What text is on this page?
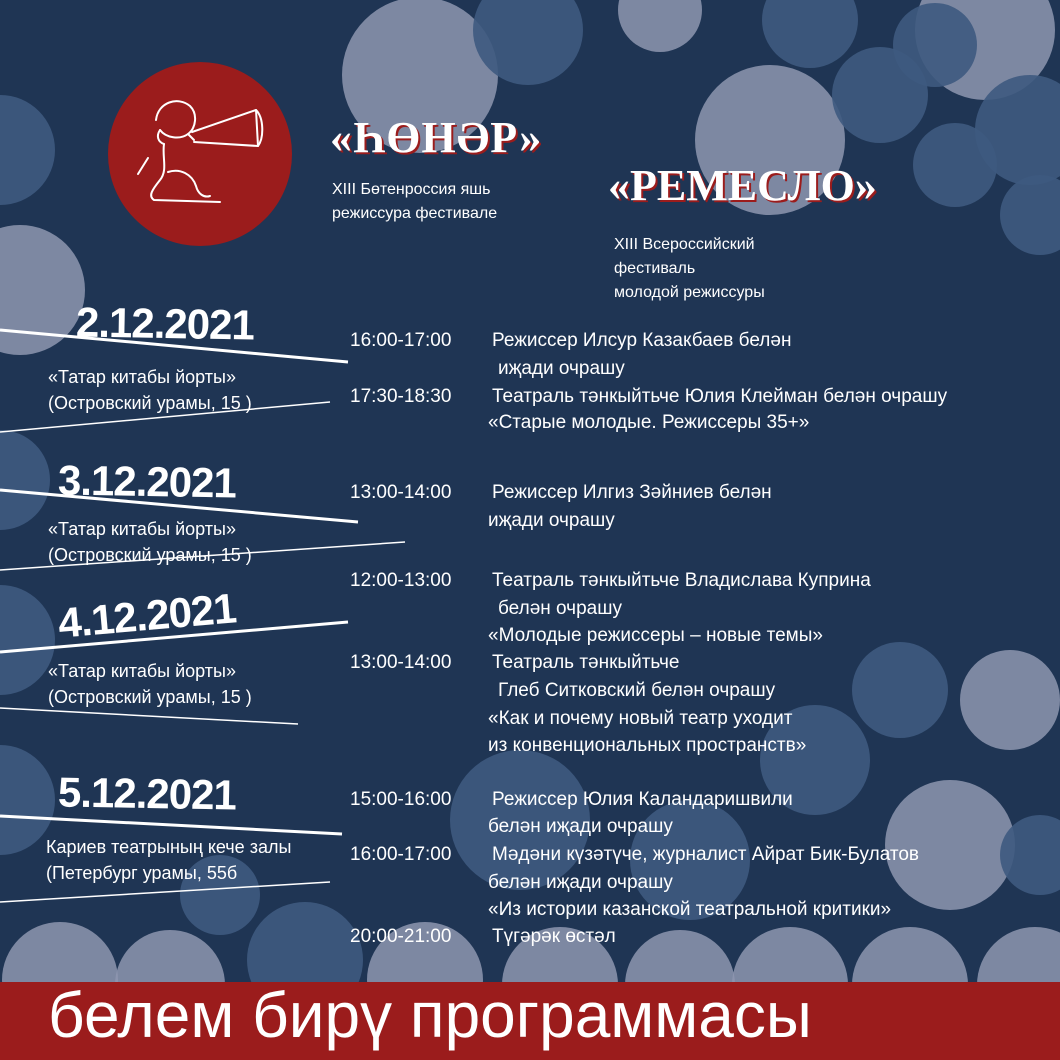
«ҺӨНӘР»
XIII Бөтенроссия яшь
режиссура фестивале
«РЕМЕСЛО»
XIII Всероссийский
фестиваль
молодой режиссуры
2.12.2021
«Татар китабы йорты»
(Островский урамы, 15 )
16:00-17:00 Режиссер Илсур Казакбаев белән
иҗади очрашу
17:30-18:30 Театраль тәнкыйтьче Юлия Клейман белән очрашу
«Старые молодые. Режиссеры 35+»
3.12.2021
«Татар китабы йорты»
(Островский урамы, 15 )
13:00-14:00 Режиссер Илгиз Зәйниев белән
иҗади очрашу
4.12.2021
«Татар китабы йорты»
(Островский урамы, 15 )
12:00-13:00 Театраль тәнкыйтьче Владислава Куприна
белән очрашу
«Молодые режиссеры – новые темы»
13:00-14:00 Театраль тәнкыйтьче
Глеб Ситковский белән очрашу
«Как и почему новый театр уходит
из конвенциональных пространств»
5.12.2021
Кариев театрының кече залы
(Петербург урамы, 55б
15:00-16:00 Режиссер Юлия Каландаришвили
белән иҗади очрашу
16:00-17:00 Мәдәни күзәтүче, журналист Айрат Бик-Булатов
белән иҗади очрашу
«Из истории казанской театральной критики»
20:00-21:00 Түгәрәк өстәл
белем бирү программасы
